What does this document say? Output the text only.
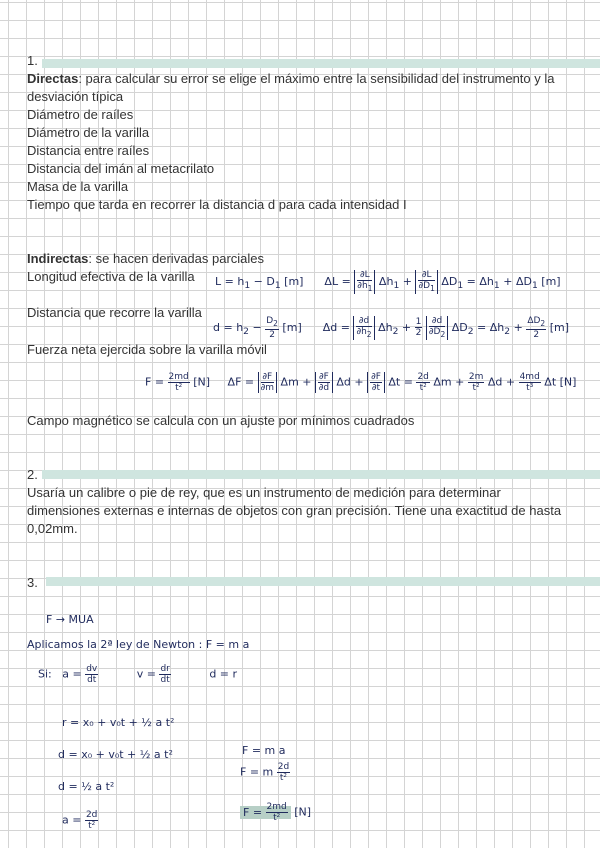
1.
Directas: para calcular su error se elige el máximo entre la sensibilidad del instrumento y la desviación típica
Diámetro de raíles
Diámetro de la varilla
Distancia entre raíles
Distancia del imán al metacrilato
Masa de la varilla
Tiempo que tarda en recorrer la distancia d para cada intensidad I
Indirectas: se hacen derivadas parciales
Longitud efectiva de la varilla $L = h_1 - D_1$ [m]      $\Delta L = \frac{\partial L}{\partial h_1} \Delta h_1 + \frac{\partial L}{\partial D_1} \Delta D_1 = \Delta h_1 + \Delta D_1$ [m]
Distancia que recorre la varilla
$d = h_2 - \frac{D_2}{2} [m]$      $\Delta d = \frac{\partial d}{\partial h_2} \Delta h_2 + \frac{1}{2}$
$\frac{\partial d}{\partial D_2} \Delta D_2 = \Delta h_2 + \frac{\Delta D_2}{2} [m]$
Fuerza neta ejercida sobre la varilla móvil
$F = \frac{2md}{\text{t²}} [N]$     $\Delta F = \frac{\partial F}{\partial m}$ $\Delta m + \frac{\partial F}{\partial d}$ $\Delta d + \frac{\partial F}{\partial t}$ $\Delta t = \frac{2d}{\text{t²}}$ $\Delta m + \frac{2m}{\text{t²}}$ $\Delta d + \frac{4md}{\text{t³}}$ Δt [N]
Campo magnético se calcula con un ajuste por mínimos cuadrados
2.
Usaría un calibre o pie de rey, que es un instrumento de medición para determinar dimensiones externas e internas de objetos con gran precisión. Tiene una exactitud de hasta 0,02mm.
3.
F → MUA
Aplicamos la 2ª ley de Newton : F = m a
Si:   $a = \frac{dv}{dt}$ $v = \frac{dr}{dt}$ d = r
r = x₀ + v₀t + ½ a t²
d = x₀ + v₀t + ½ a t²
d = ½ a t²
$a = \frac{2d}{\text{t²}}$
F = m a
F = m $\frac{2d}{\text{t²}}$
$F = \frac{2md}{\text{t²}} [N]$
